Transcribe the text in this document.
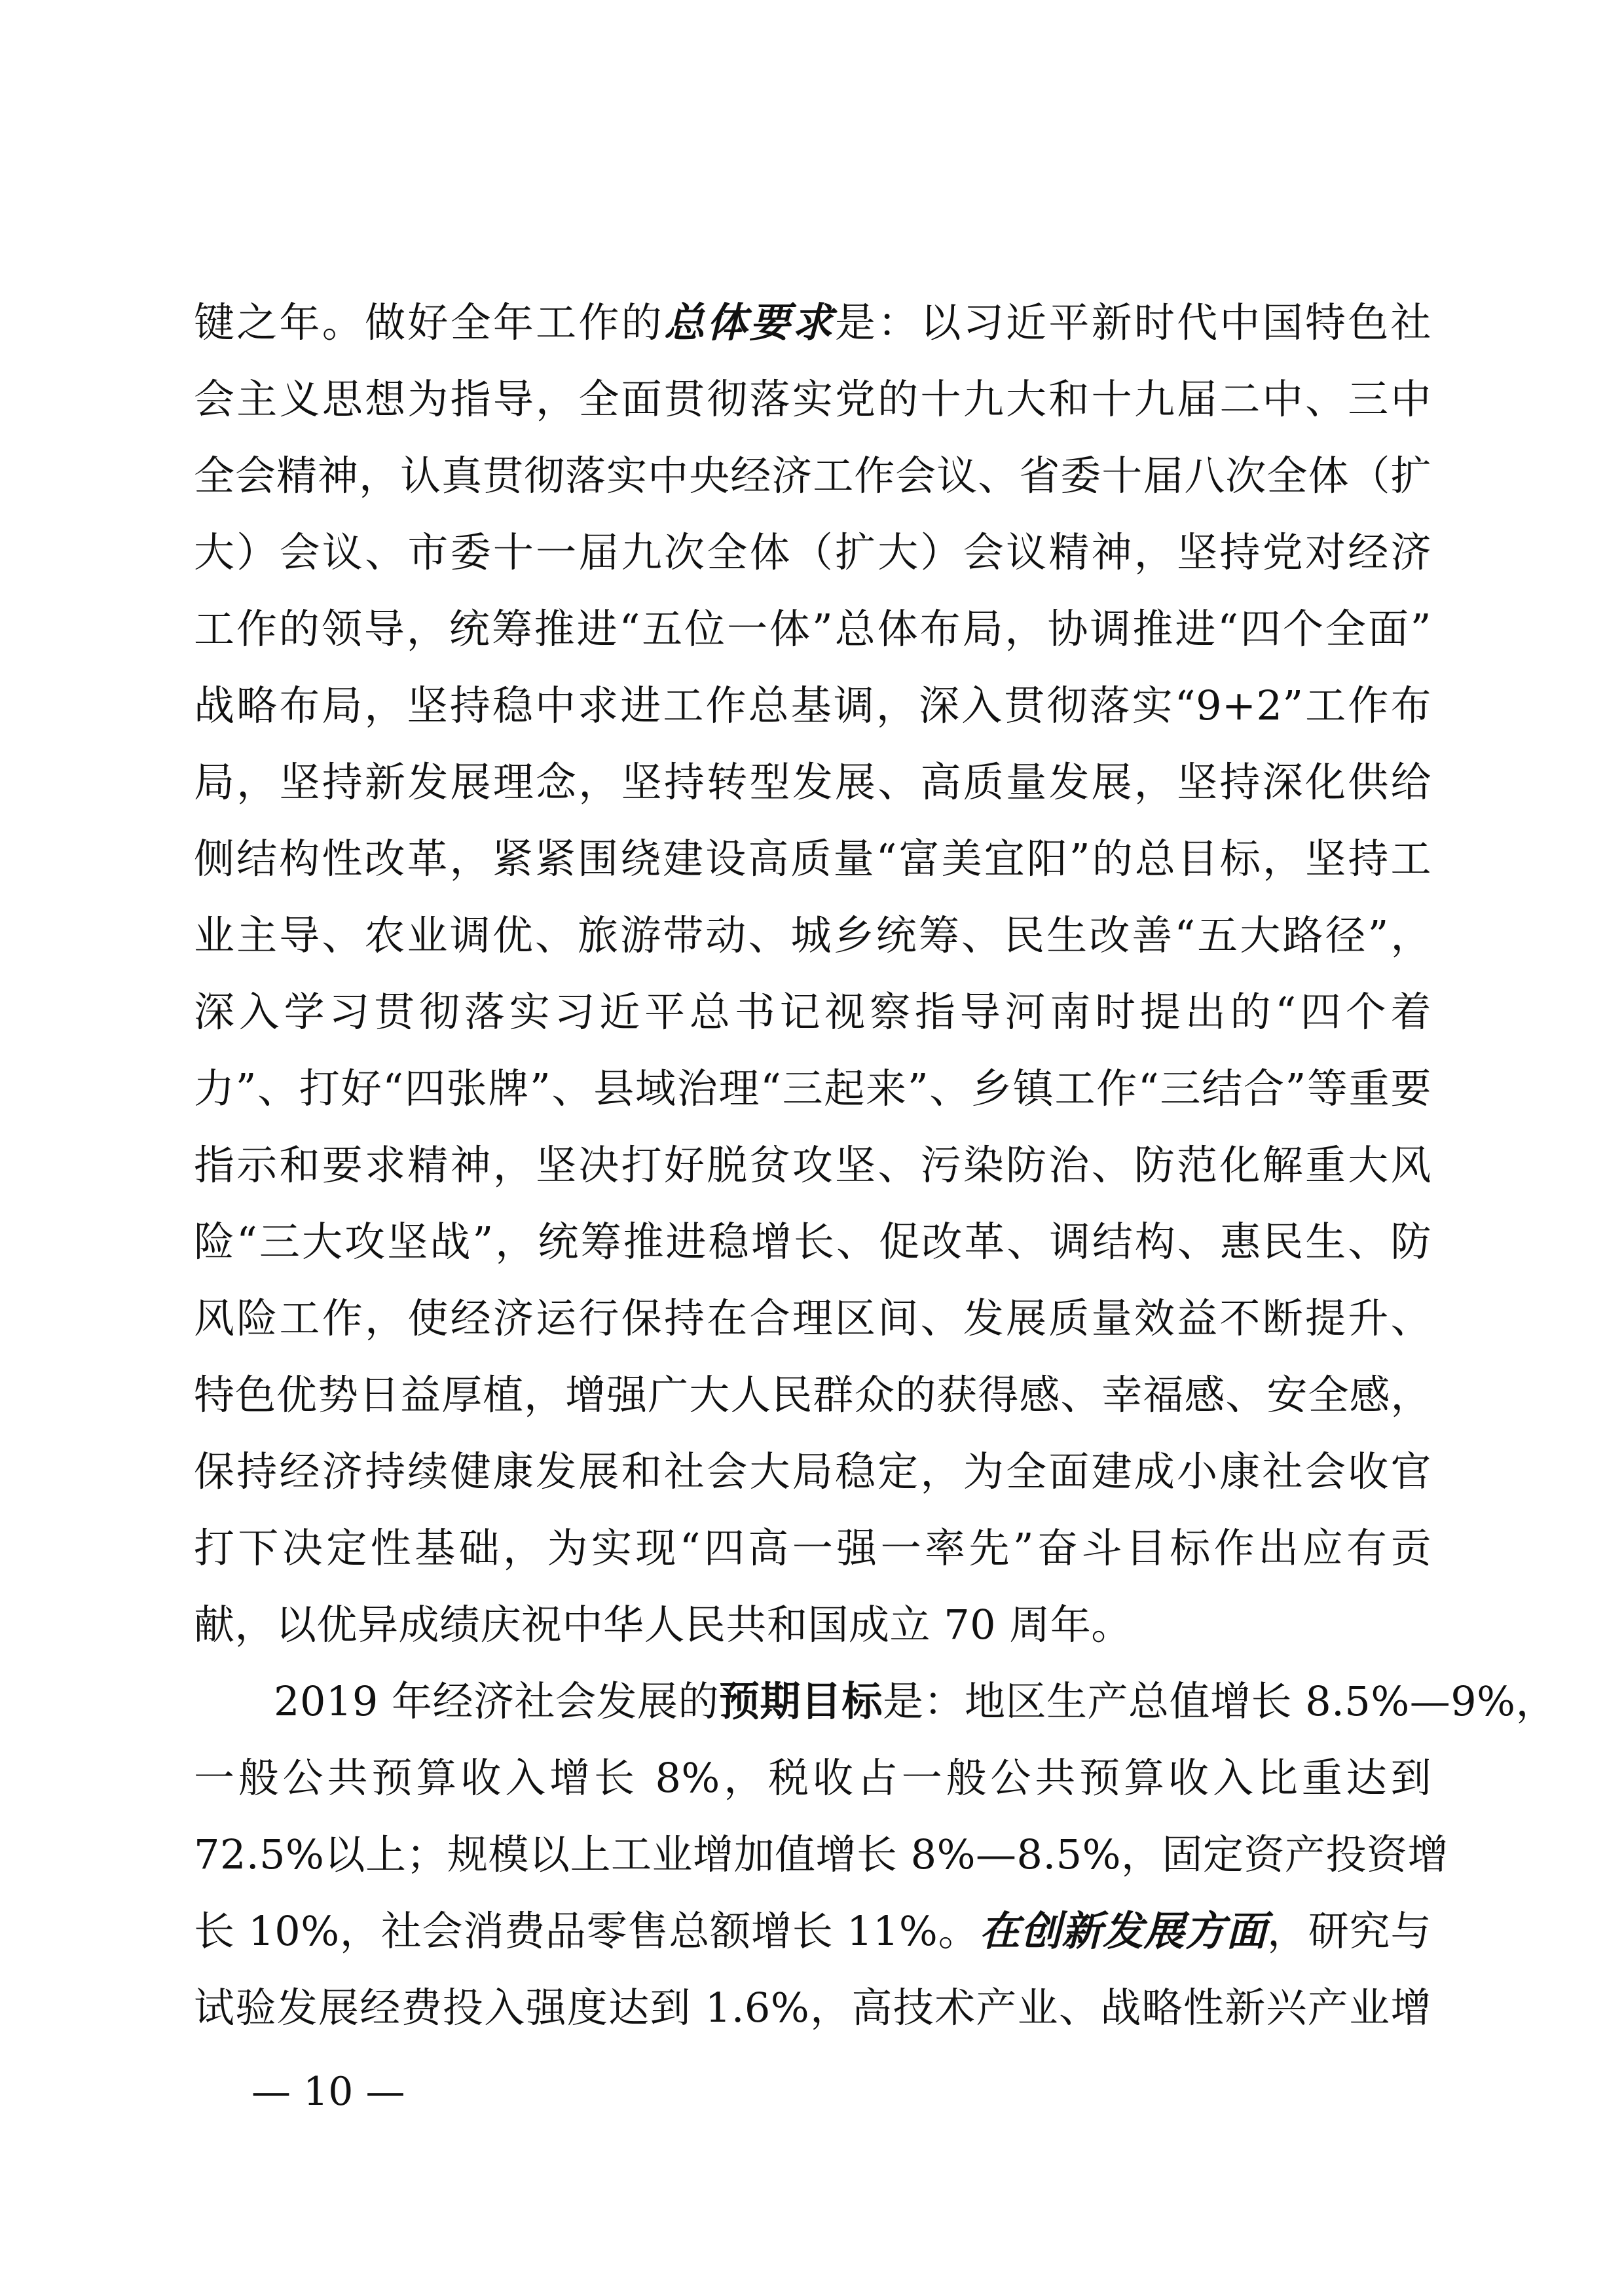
键之年。做好全年工作的总体要求是：以习近平新时代中国特色社
会主义思想为指导，全面贯彻落实党的十九大和十九届二中、三中
全会精神，认真贯彻落实中央经济工作会议、省委十届八次全体（扩
大）会议、市委十一届九次全体（扩大）会议精神，坚持党对经济
工作的领导，统筹推进“五位一体”总体布局，协调推进“四个全面”
战略布局，坚持稳中求进工作总基调，深入贯彻落实“9+2”工作布
局，坚持新发展理念，坚持转型发展、高质量发展，坚持深化供给
侧结构性改革，紧紧围绕建设高质量“富美宜阳”的总目标，坚持工
业主导、农业调优、旅游带动、城乡统筹、民生改善“五大路径”，
深入学习贯彻落实习近平总书记视察指导河南时提出的“四个着
力”、打好“四张牌”、县域治理“三起来”、乡镇工作“三结合”等重要
指示和要求精神，坚决打好脱贫攻坚、污染防治、防范化解重大风
险“三大攻坚战”，统筹推进稳增长、促改革、调结构、惠民生、防
风险工作，使经济运行保持在合理区间、发展质量效益不断提升、
特色优势日益厚植，增强广大人民群众的获得感、幸福感、安全感，
保持经济持续健康发展和社会大局稳定，为全面建成小康社会收官
打下决定性基础，为实现“四高一强一率先”奋斗目标作出应有贡
献，以优异成绩庆祝中华人民共和国成立 70 周年。
2019 年经济社会发展的预期目标是：地区生产总值增长 8.5%—9%，
一般公共预算收入增长 8%，税收占一般公共预算收入比重达到
72.5%以上；规模以上工业增加值增长 8%—8.5%，固定资产投资增
长 10%，社会消费品零售总额增长 11%。在创新发展方面，研究与
试验发展经费投入强度达到 1.6%，高技术产业、战略性新兴产业增
— 10 —
